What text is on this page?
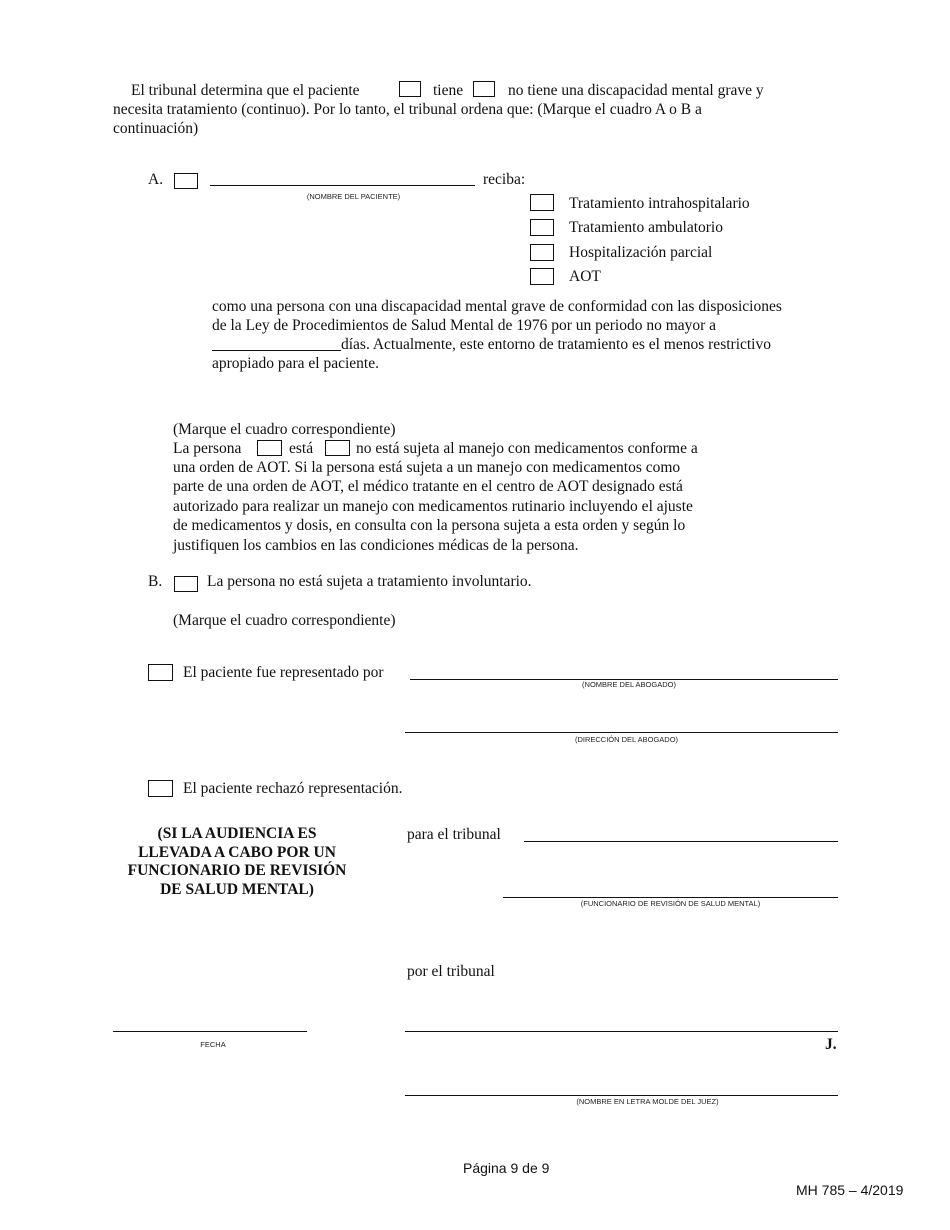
El tribunal determina que el paciente	tiene	no tiene una discapacidad mental grave y
necesita tratamiento (continuo). Por lo tanto, el tribunal ordena que: (Marque el cuadro A o B a
continuación)
A.
(NOMBRE DEL PACIENTE)
reciba:
Tratamiento intrahospitalario
Tratamiento ambulatorio
Hospitalización parcial
AOT
como una persona con una discapacidad mental grave de conformidad con las disposiciones
de la Ley de Procedimientos de Salud Mental de 1976 por un periodo no mayor a
días. Actualmente, este entorno de tratamiento es el menos restrictivo
apropiado para el paciente.
(Marque el cuadro correspondiente)
La persona	está	no está sujeta al manejo con medicamentos conforme a
una orden de AOT. Si la persona está sujeta a un manejo con medicamentos como
parte de una orden de AOT, el médico tratante en el centro de AOT designado está
autorizado para realizar un manejo con medicamentos rutinario incluyendo el ajuste
de medicamentos y dosis, en consulta con la persona sujeta a esta orden y según lo
justifiquen los cambios en las condiciones médicas de la persona.
B.	La persona no está sujeta a tratamiento involuntario.
(Marque el cuadro correspondiente)
El paciente fue representado por
(NOMBRE DEL ABOGADO)
(DIRECCIÓN DEL ABOGADO)
El paciente rechazó representación.
(SI LA AUDIENCIA ES
LLEVADA A CABO POR UN
FUNCIONARIO DE REVISIÓN
DE SALUD MENTAL)
para el tribunal
(FUNCIONARIO DE REVISIÓN DE SALUD MENTAL)
por el tribunal
FECHA	J.
(NOMBRE EN LETRA MOLDE DEL JUEZ)
Página 9 de 9
MH 785 – 4/2019
